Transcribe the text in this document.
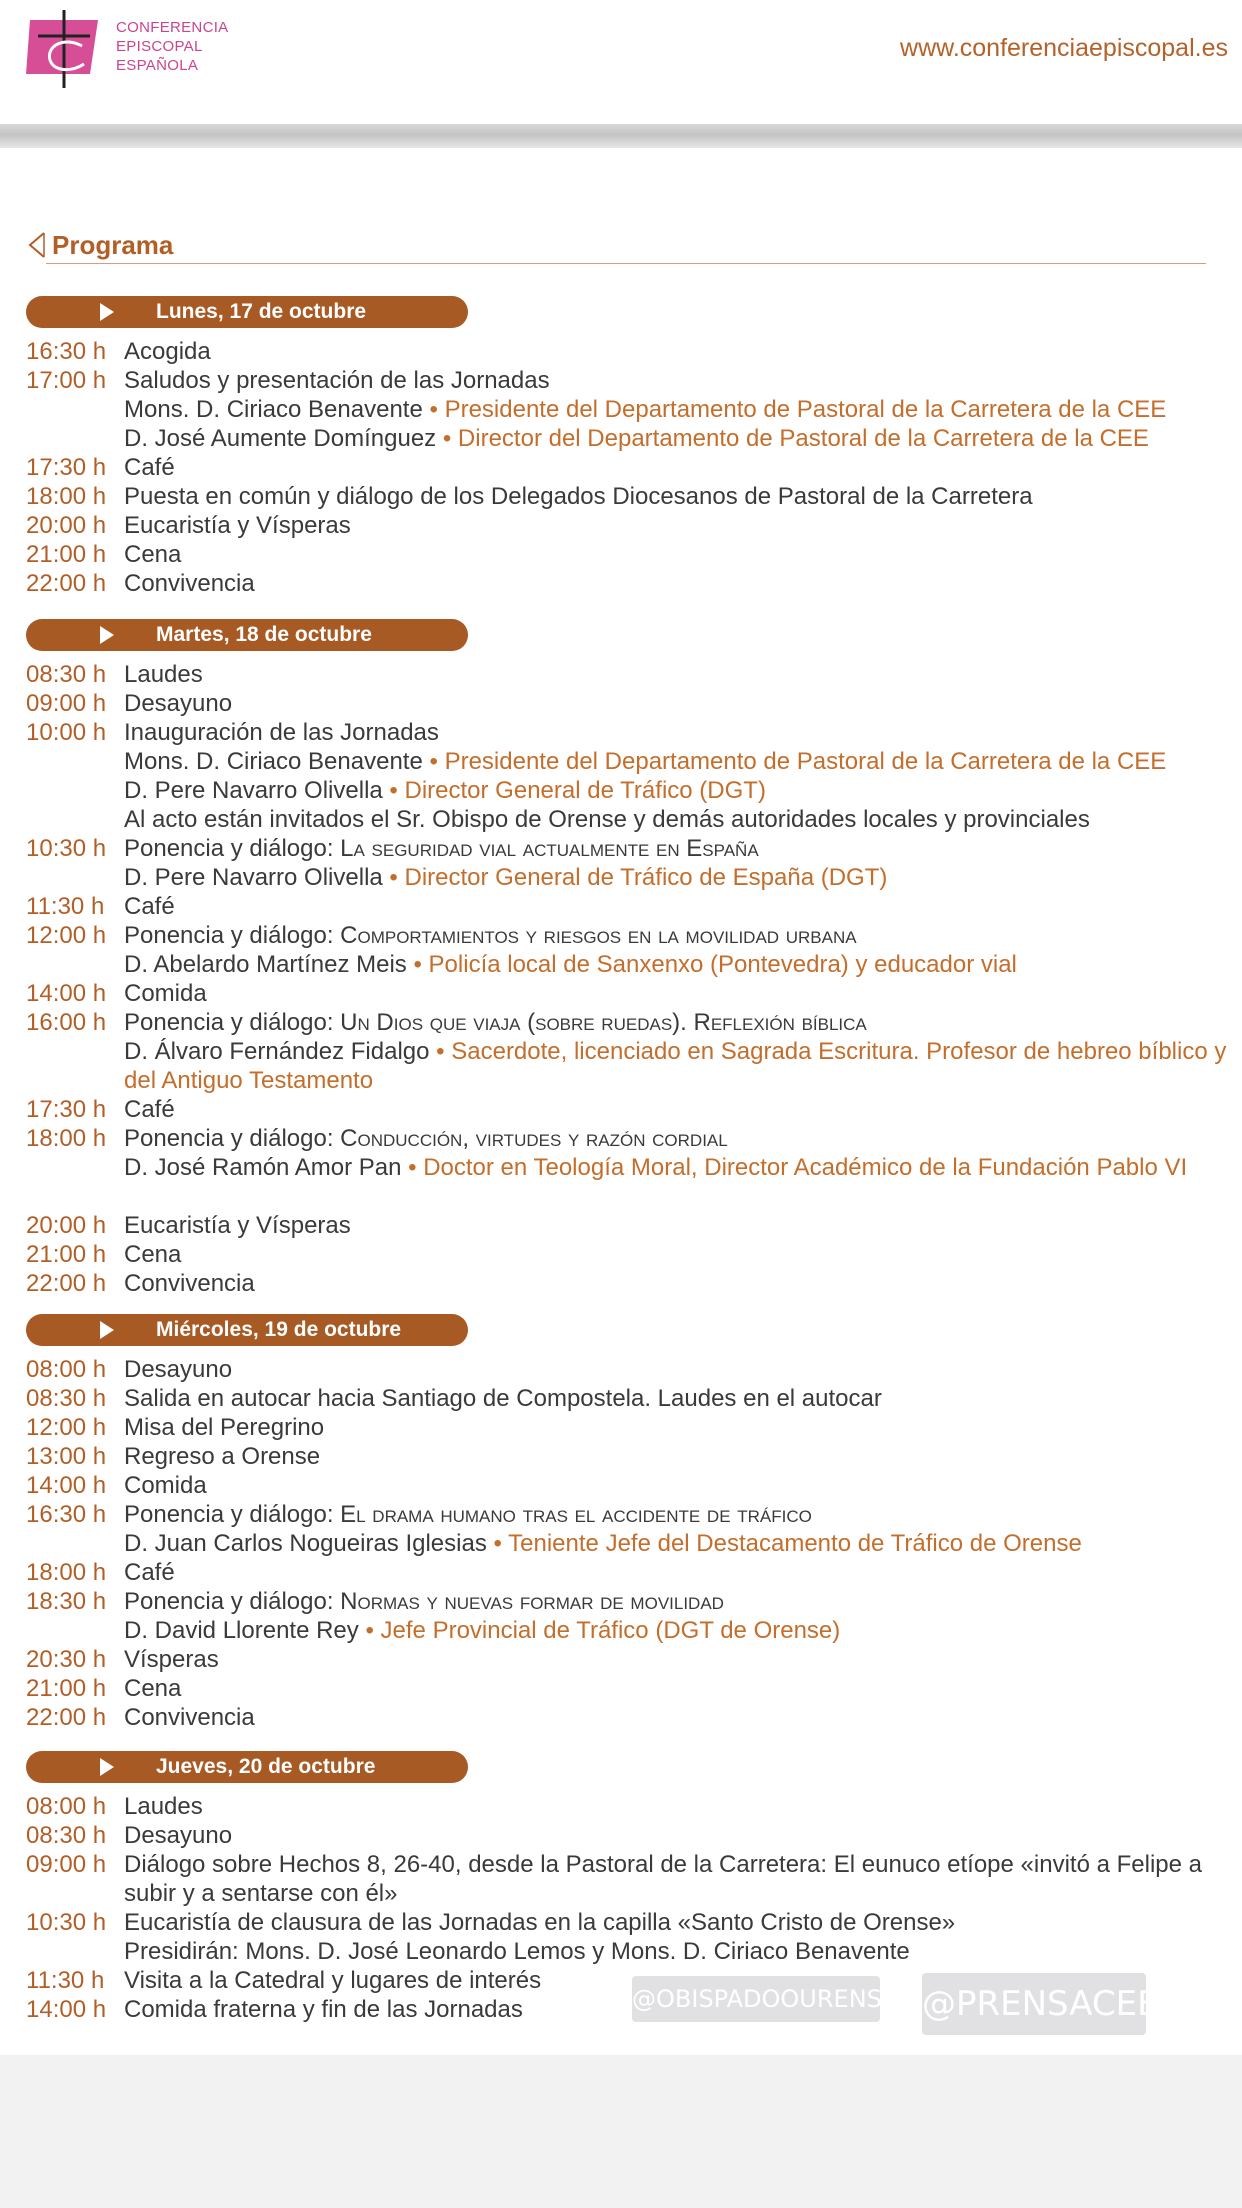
CONFERENCIA
EPISCOPAL
ESPAÑOLA
www.conferenciaepiscopal.es
Programa
Lunes, 17 de octubre
16:30 h Acogida
17:00 h Saludos y presentación de las Jornadas
Mons. D. Ciriaco Benavente • Presidente del Departamento de Pastoral de la Carretera de la CEE
D. José Aumente Domínguez • Director del Departamento de Pastoral de la Carretera de la CEE
17:30 h Café
18:00 h Puesta en común y diálogo de los Delegados Diocesanos de Pastoral de la Carretera
20:00 h Eucaristía y Vísperas
21:00 h Cena
22:00 h Convivencia
Martes, 18 de octubre
08:30 h Laudes
09:00 h Desayuno
10:00 h Inauguración de las Jornadas
Mons. D. Ciriaco Benavente • Presidente del Departamento de Pastoral de la Carretera de la CEE
D. Pere Navarro Olivella • Director General de Tráfico (DGT)
Al acto están invitados el Sr. Obispo de Orense y demás autoridades locales y provinciales
10:30 h Ponencia y diálogo: La seguridad vial actualmente en España
D. Pere Navarro Olivella • Director General de Tráfico de España (DGT)
11:30 h Café
12:00 h Ponencia y diálogo: Comportamientos y riesgos en la movilidad urbana
D. Abelardo Martínez Meis • Policía local de Sanxenxo (Pontevedra) y educador vial
14:00 h Comida
16:00 h Ponencia y diálogo: Un Dios que viaja (sobre ruedas). Reflexión bíblica
D. Álvaro Fernández Fidalgo • Sacerdote, licenciado en Sagrada Escritura. Profesor de hebreo bíblico y del Antiguo Testamento
17:30 h Café
18:00 h Ponencia y diálogo: Conducción, virtudes y razón cordial
D. José Ramón Amor Pan • Doctor en Teología Moral, Director Académico de la Fundación Pablo VI
20:00 h Eucaristía y Vísperas
21:00 h Cena
22:00 h Convivencia
Miércoles, 19 de octubre
08:00 h Desayuno
08:30 h Salida en autocar hacia Santiago de Compostela. Laudes en el autocar
12:00 h Misa del Peregrino
13:00 h Regreso a Orense
14:00 h Comida
16:30 h Ponencia y diálogo: El drama humano tras el accidente de tráfico
D. Juan Carlos Nogueiras Iglesias • Teniente Jefe del Destacamento de Tráfico de Orense
18:00 h Café
18:30 h Ponencia y diálogo: Normas y nuevas formar de movilidad
D. David Llorente Rey • Jefe Provincial de Tráfico (DGT de Orense)
20:30 h Vísperas
21:00 h Cena
22:00 h Convivencia
Jueves, 20 de octubre
08:00 h Laudes
08:30 h Desayuno
09:00 h Diálogo sobre Hechos 8, 26-40, desde la Pastoral de la Carretera: El eunuco etíope «invitó a Felipe a subir y a sentarse con él»
10:30 h Eucaristía de clausura de las Jornadas en la capilla «Santo Cristo de Orense»
Presidirán: Mons. D. José Leonardo Lemos y Mons. D. Ciriaco Benavente
11:30 h Visita a la Catedral y lugares de interés
14:00 h Comida fraterna y fin de las Jornadas	@OBISPADOOURENSE @PRENSACEE
